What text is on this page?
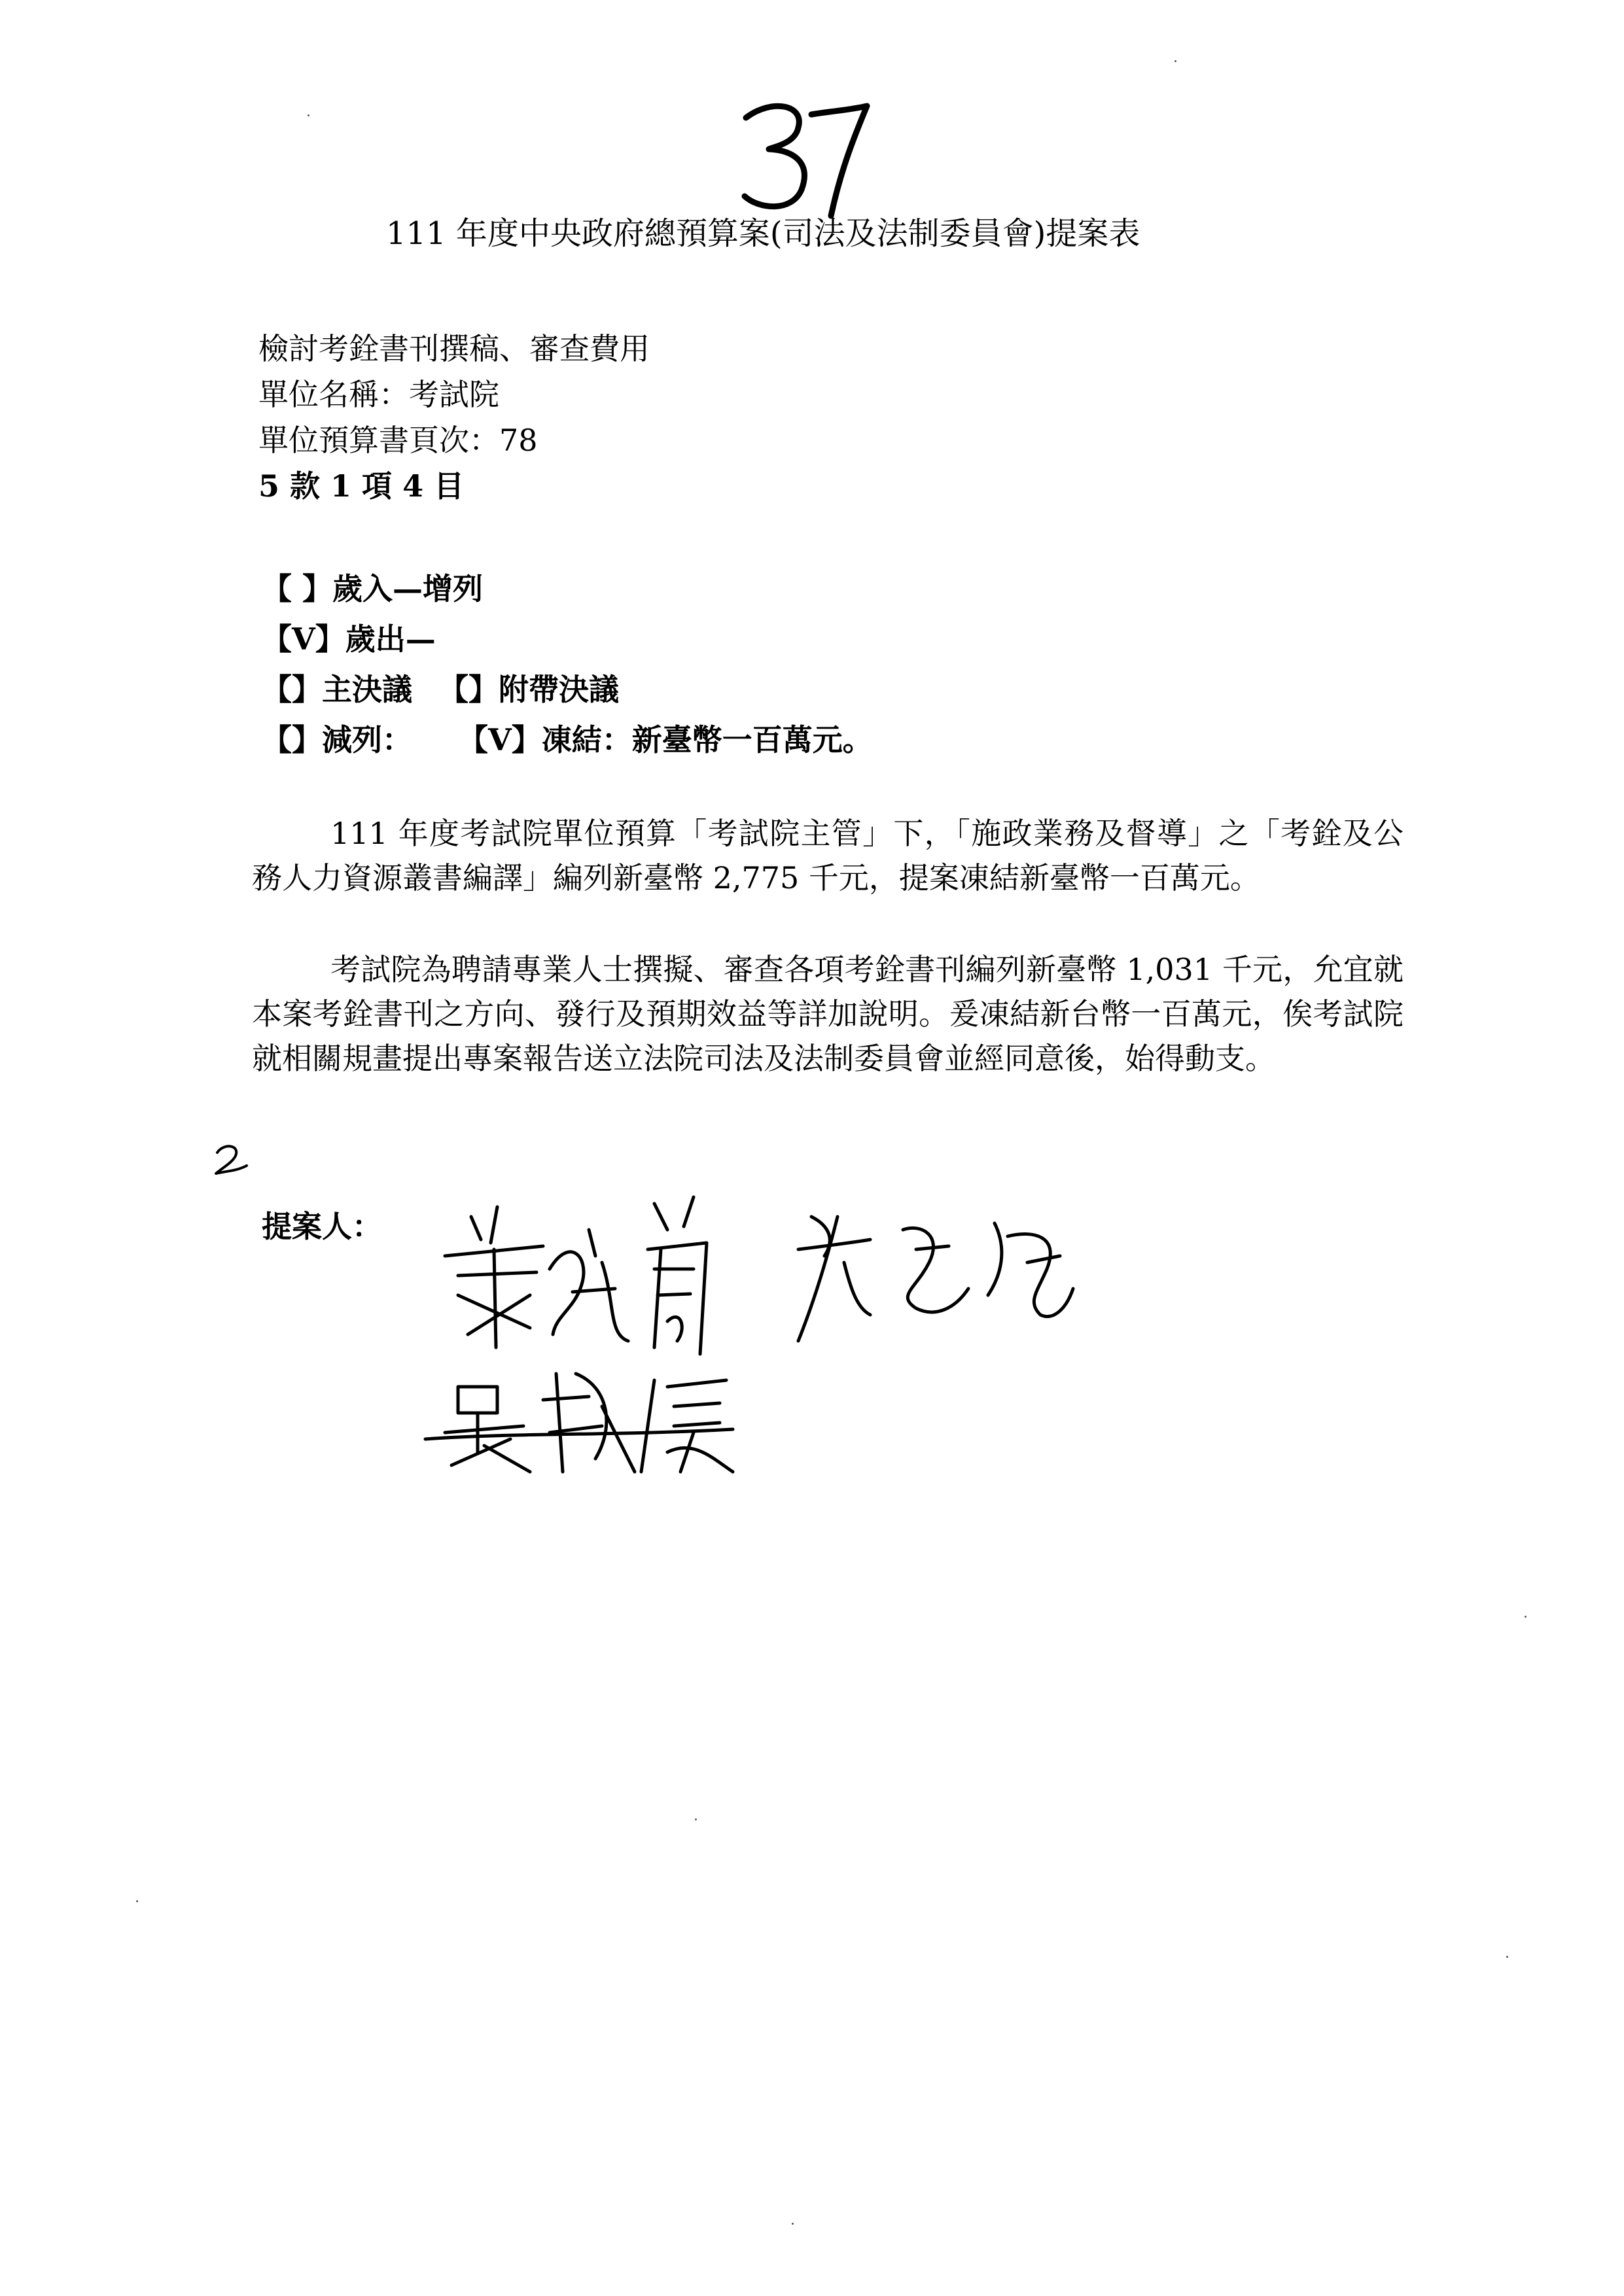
111 年度中央政府總預算案(司法及法制委員會)提案表
檢討考銓書刊撰稿、審查費用
單位名稱：考試院
單位預算書頁次：78
5 款 1 項 4 目
【 】歲入—增列
【V】歲出—
【】主決議 【】附帶決議
【】減列： 【V】凍結：新臺幣一百萬元。

111 年度考試院單位預算「考試院主管」下，「施政業務及督導」之「考銓及公務人力資源叢書編譯」編列新臺幣 2,775 千元，提案凍結新臺幣一百萬元。

考試院為聘請專業人士撰擬、審查各項考銓書刊編列新臺幣 1,031 千元，允宜就本案考銓書刊之方向、發行及預期效益等詳加說明。爰凍結新台幣一百萬元，俟考試院就相關規畫提出專案報告送立法院司法及法制委員會並經同意後，始得動支。

提案人：
